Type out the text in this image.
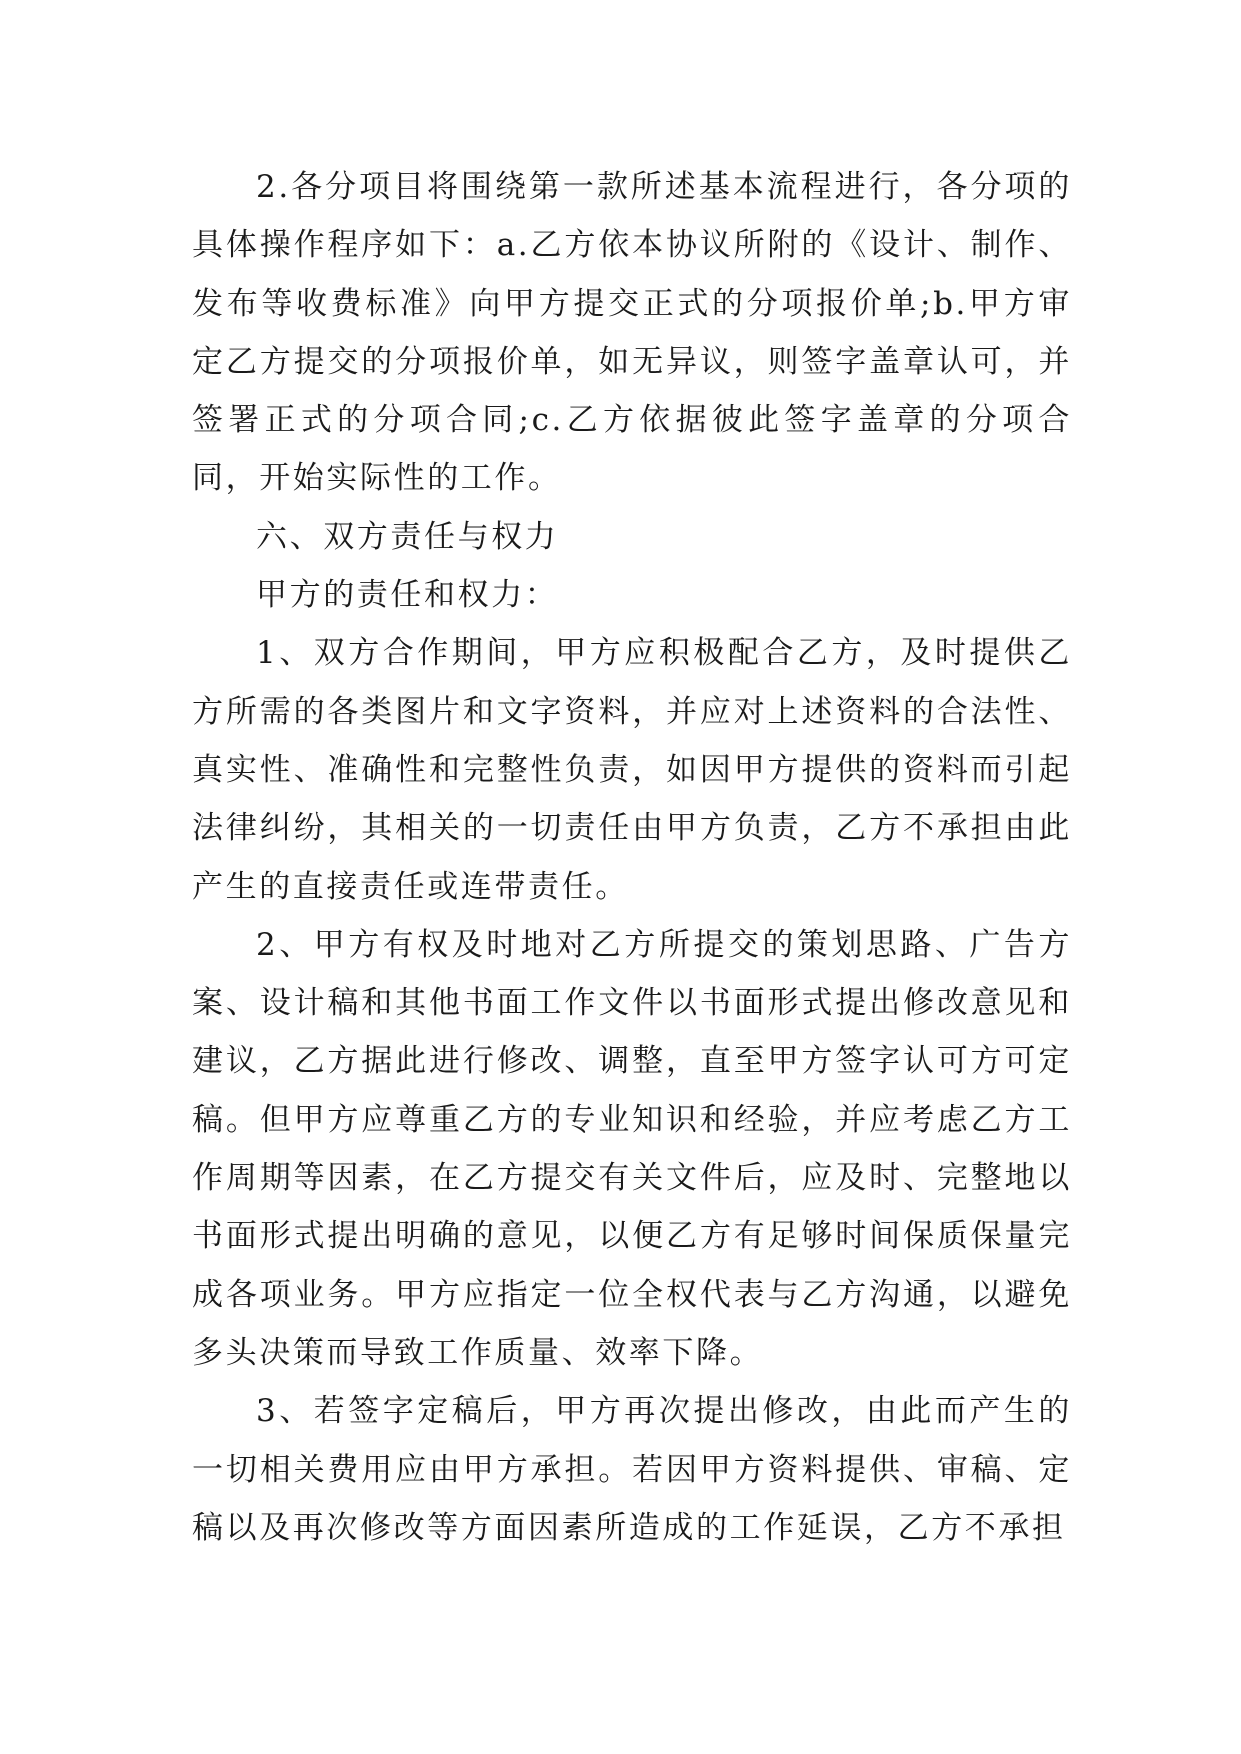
2.各分项目将围绕第一款所述基本流程进行，各分项的具体操作程序如下：a.乙方依本协议所附的《设计、制作、发布等收费标准》向甲方提交正式的分项报价单;b.甲方审定乙方提交的分项报价单，如无异议，则签字盖章认可，并签署正式的分项合同;c.乙方依据彼此签字盖章的分项合同，开始实际性的工作。

六、双方责任与权力

甲方的责任和权力：

1、双方合作期间，甲方应积极配合乙方，及时提供乙方所需的各类图片和文字资料，并应对上述资料的合法性、真实性、准确性和完整性负责，如因甲方提供的资料而引起法律纠纷，其相关的一切责任由甲方负责，乙方不承担由此产生的直接责任或连带责任。

2、甲方有权及时地对乙方所提交的策划思路、广告方案、设计稿和其他书面工作文件以书面形式提出修改意见和建议，乙方据此进行修改、调整，直至甲方签字认可方可定稿。但甲方应尊重乙方的专业知识和经验，并应考虑乙方工作周期等因素，在乙方提交有关文件后，应及时、完整地以书面形式提出明确的意见，以便乙方有足够时间保质保量完成各项业务。甲方应指定一位全权代表与乙方沟通，以避免多头决策而导致工作质量、效率下降。

3、若签字定稿后，甲方再次提出修改，由此而产生的一切相关费用应由甲方承担。若因甲方资料提供、审稿、定稿以及再次修改等方面因素所造成的工作延误，乙方不承担
